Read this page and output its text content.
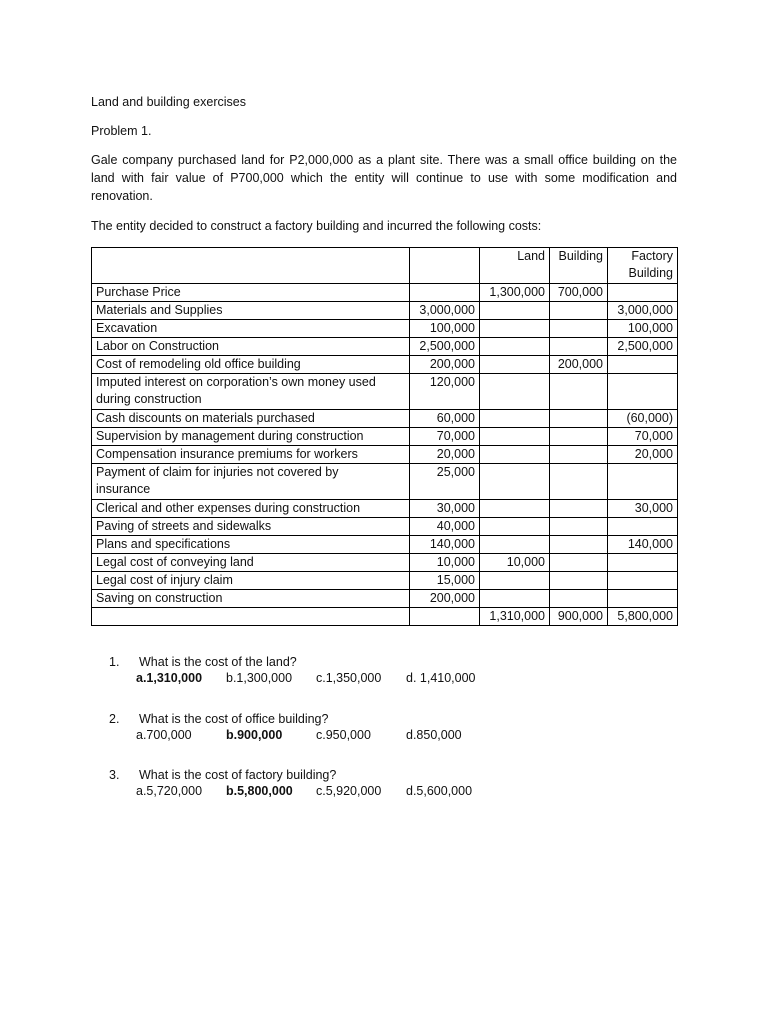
Land and building exercises
Problem 1.
Gale company purchased land for P2,000,000 as a plant site. There was a small office building on the land with fair value of P700,000 which the entity will continue to use with some modification and renovation.
The entity decided to construct a factory building and incurred the following costs:
		Land	Building	Factory
Building
Purchase Price		1,300,000	700,000	
Materials and Supplies	3,000,000			3,000,000
Excavation	100,000			100,000
Labor on Construction	2,500,000			2,500,000
Cost of remodeling old office building	200,000		200,000	
Imputed interest on corporation’s own money used
during construction	120,000			
Cash discounts on materials purchased	60,000			(60,000)
Supervision by management during construction	70,000			70,000
Compensation insurance premiums for workers	20,000			20,000
Payment of claim for injuries not covered by
insurance	25,000			
Clerical and other expenses during construction	30,000			30,000
Paving of streets and sidewalks	40,000			
Plans and specifications	140,000			140,000
Legal cost of conveying land	10,000	10,000		
Legal cost of injury claim	15,000			
Saving on construction	200,000			
		1,310,000	900,000	5,800,000
1.	What is the cost of the land?
a.1,310,000 b.1,300,000 c.1,350,000 d. 1,410,000
2.	What is the cost of office building?
a.700,000	b.900,000	c.950,000	d.850,000
3.	What is the cost of factory building?
a.5,720,000 b.5,800,000 c.5,920,000 d.5,600,000
